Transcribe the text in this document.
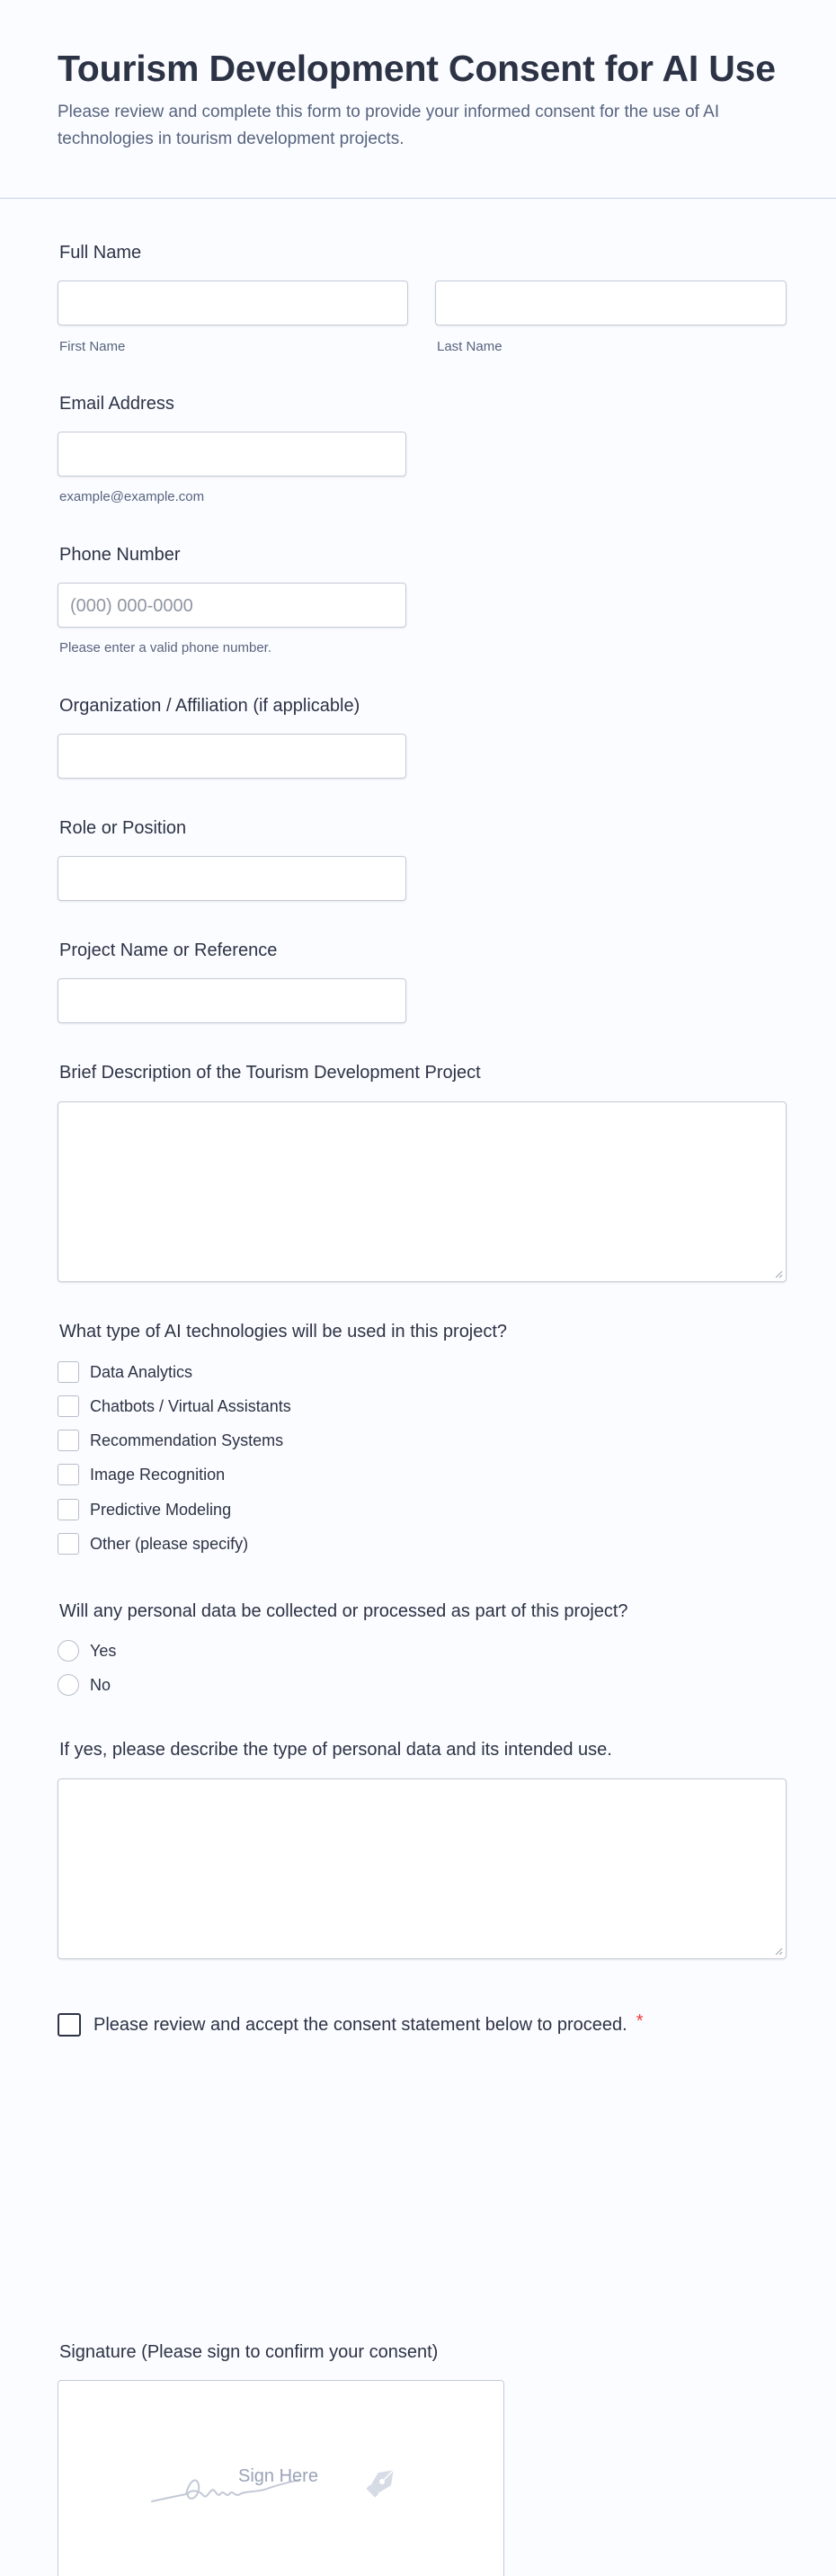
Tourism Development Consent for AI Use

Please review and complete this form to provide your informed consent for the use of AI technologies in tourism development projects.

Full Name
First Name	Last Name
Email Address
example@example.com
Phone Number
(000) 000-0000
Please enter a valid phone number.
Organization / Affiliation (if applicable)
Role or Position
Project Name or Reference
Brief Description of the Tourism Development Project
What type of AI technologies will be used in this project?
Data Analytics
Chatbots / Virtual Assistants
Recommendation Systems
Image Recognition
Predictive Modeling
Other (please specify)
Will any personal data be collected or processed as part of this project?
Yes
No
If yes, please describe the type of personal data and its intended use.
Please review and accept the consent statement below to proceed. *
Signature (Please sign to confirm your consent)
Sign Here
